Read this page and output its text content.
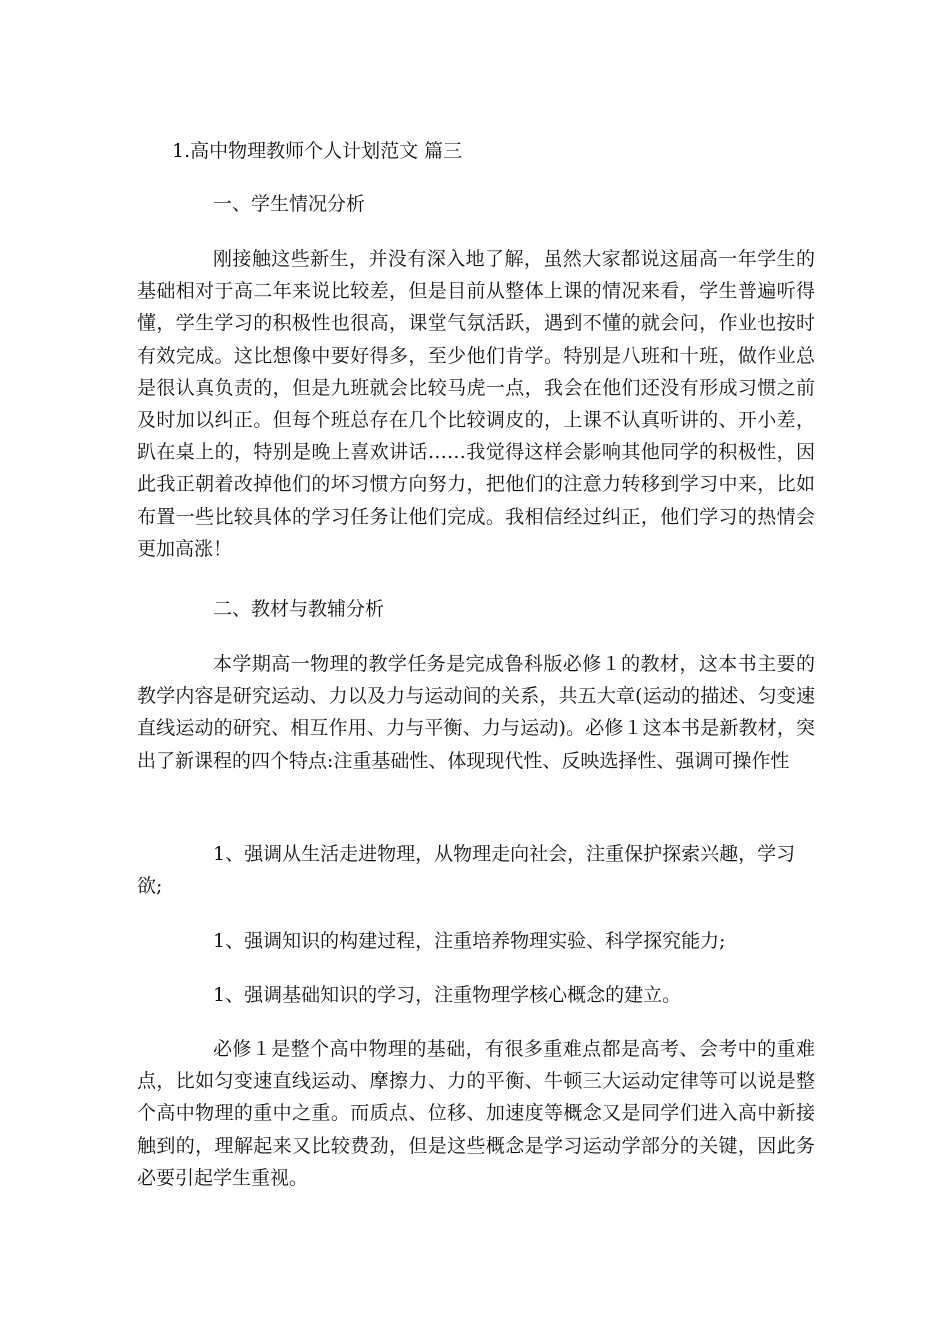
1.高中物理教师个人计划范文 篇三
一、学生情况分析

刚接触这些新生，并没有深入地了解，虽然大家都说这届高一年学生的基础相对于高二年来说比较差，但是目前从整体上课的情况来看，学生普遍听得懂，学生学习的积极性也很高，课堂气氛活跃，遇到不懂的就会问，作业也按时有效完成。这比想像中要好得多，至少他们肯学。特别是八班和十班，做作业总是很认真负责的，但是九班就会比较马虎一点，我会在他们还没有形成习惯之前及时加以纠正。但每个班总存在几个比较调皮的，上课不认真听讲的、开小差，趴在桌上的，特别是晚上喜欢讲话……我觉得这样会影响其他同学的积极性，因此我正朝着改掉他们的坏习惯方向努力，把他们的注意力转移到学习中来，比如布置一些比较具体的学习任务让他们完成。我相信经过纠正，他们学习的热情会更加高涨！

二、教材与教辅分析

本学期高一物理的教学任务是完成鲁科版必修１的教材，这本书主要的教学内容是研究运动、力以及力与运动间的关系，共五大章(运动的描述、匀变速直线运动的研究、相互作用、力与平衡、力与运动)。必修１这本书是新教材，突出了新课程的四个特点:注重基础性、体现现代性、反映选择性、强调可操作性

1、强调从生活走进物理，从物理走向社会，注重保护探索兴趣，学习欲;

1、强调知识的构建过程，注重培养物理实验、科学探究能力;

1、强调基础知识的学习，注重物理学核心概念的建立。

必修１是整个高中物理的基础，有很多重难点都是高考、会考中的重难点，比如匀变速直线运动、摩擦力、力的平衡、牛顿三大运动定律等可以说是整个高中物理的重中之重。而质点、位移、加速度等概念又是同学们进入高中新接触到的，理解起来又比较费劲，但是这些概念是学习运动学部分的关键，因此务必要引起学生重视。
